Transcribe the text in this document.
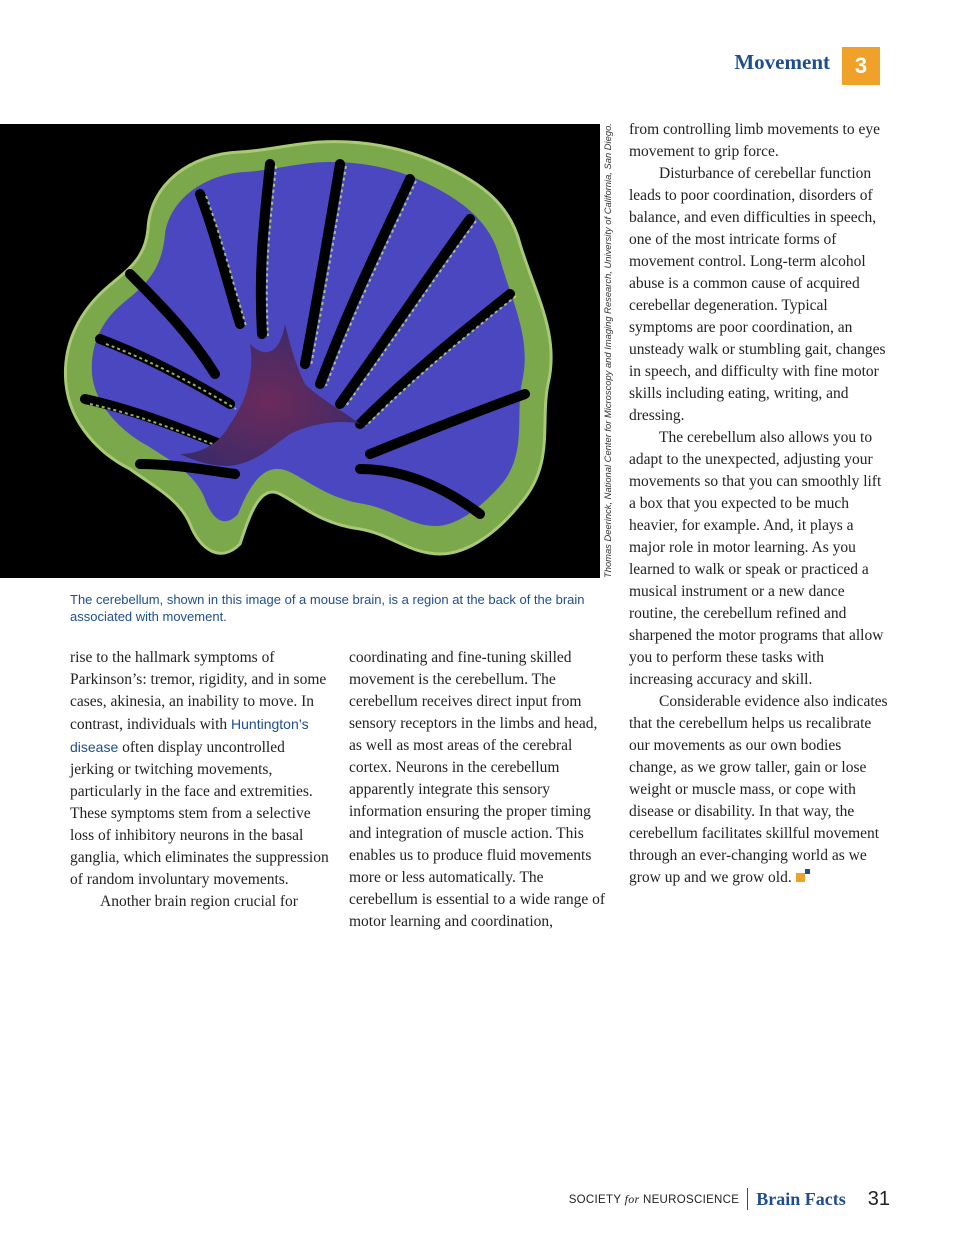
Movement	3
Thomas Deerinck, National Center for Microscopy and Imaging Research, University of California, San Diego.
The cerebellum, shown in this image of a mouse brain, is a region at the back of the brain associated with movement.

rise to the hallmark symptoms of Parkinson’s: tremor, rigidity, and in some cases, akinesia, an inability to move. In contrast, individuals with Huntington’s disease often display uncontrolled jerking or twitching movements, particularly in the face and extremities. These symptoms stem from a selective loss of inhibitory neurons in the basal ganglia, which eliminates the suppression of random involuntary movements.

Another brain region crucial for

coordinating and fine-tuning skilled movement is the cerebellum. The cerebellum receives direct input from sensory receptors in the limbs and head, as well as most areas of the cerebral cortex. Neurons in the cerebellum apparently integrate this sensory information ensuring the proper timing and integration of muscle action. This enables us to produce fluid movements more or less automatically. The cerebellum is essential to a wide range of motor learning and coordination,

from controlling limb movements to eye movement to grip force.

Disturbance of cerebellar function leads to poor coordination, disorders of balance, and even difficulties in speech, one of the most intricate forms of movement control. Long-term alcohol abuse is a common cause of acquired cerebellar degeneration. Typical symptoms are poor coordination, an unsteady walk or stumbling gait, changes in speech, and difficulty with fine motor skills including eating, writing, and dressing.

The cerebellum also allows you to adapt to the unexpected, adjusting your movements so that you can smoothly lift a box that you expected to be much heavier, for example. And, it plays a major role in motor learning. As you learned to walk or speak or practiced a musical instrument or a new dance routine, the cerebellum refined and sharpened the motor programs that allow you to perform these tasks with increasing accuracy and skill.

Considerable evidence also indicates that the cerebellum helps us recalibrate our movements as our own bodies change, as we grow taller, gain or lose weight or muscle mass, or cope with disease or disability. In that way, the cerebellum facilitates skillful movement through an ever-changing world as we grow up and we grow old.

SOCIETY for NEUROSCIENCE Brain Facts 31
